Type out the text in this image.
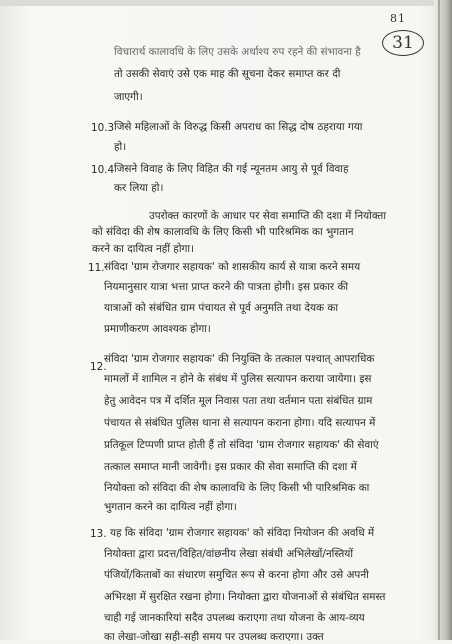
81
31
विचारार्थ कालावधि के लिए उसके अर्थाश्य रुप रहने की संभावना है
तो उसकी सेवाएं उसे एक माह की सूचना देकर समाप्त कर दी
जाएगी।
10.3 जिसे महिलाओं के विरुद्ध किसी अपराध का सिद्ध दोष ठहराया गया
हो।
10.4 जिसने विवाह के लिए विहित की गई न्यूनतम आयु से पूर्व विवाह
कर लिया हो।
उपरोक्त कारणों के आधार पर सेवा समाप्ति की दशा में नियोक्ता
को संविदा की शेष कालावधि के लिए किसी भी पारिश्रमिक का भुगतान
करने का दायित्व नहीं होगा।
11. संविदा 'ग्राम रोजगार सहायक' को शासकीय कार्य से यात्रा करने समय
नियमानुसार यात्रा भत्ता प्राप्त करने की पात्रता होगी। इस प्रकार की
यात्राओं को संबंधित ग्राम पंचायत से पूर्व अनुमति तथा देयक का
प्रमाणीकरण आवश्यक होगा।
12.
संविदा 'ग्राम रोजगार सहायक' की नियुक्ति के तत्काल पश्चात् आपराधिक
मामलों में शामिल न होने के संबंध में पुलिस सत्यापन कराया जायेगा। इस
हेतु आवेदन पत्र में दर्शित मूल निवास पता तथा वर्तमान पता संबंधित ग्राम
पंचायत से संबंधित पुलिस थाना से सत्यापन कराना होगा। यदि सत्यापन में
प्रतिकूल टिप्पणी प्राप्त होती हैं तो संविदा 'ग्राम रोजगार सहायक' की सेवाएं
तत्काल समाप्त मानी जावेगी। इस प्रकार की सेवा समाप्ति की दशा में
नियोक्ता को संविदा की शेष कालावधि के लिए किसी भी पारिश्रमिक का
भुगतान करने का दायित्व नहीं होगा।
13. यह कि संविदा 'ग्राम रोजगार सहायक' को संविदा नियोजन की अवधि में
नियोक्ता द्वारा प्रदत्त/विहित/वांछनीय लेखा संबंधी अभिलेखों/नस्तियों
पंजियों/किताबों का संधारण समुचित रूप से करना होगा और उसे अपनी
अभिरक्षा में सुरक्षित रखना होगा। नियोक्ता द्वारा योजनाओं से संबंधित समस्त
चाही गई जानकारियां सदैव उपलब्ध कराएगा तथा योजना के आय-व्यय
का लेखा-जोखा सही-सही समय पर उपलब्ध कराएगा। उक्त
